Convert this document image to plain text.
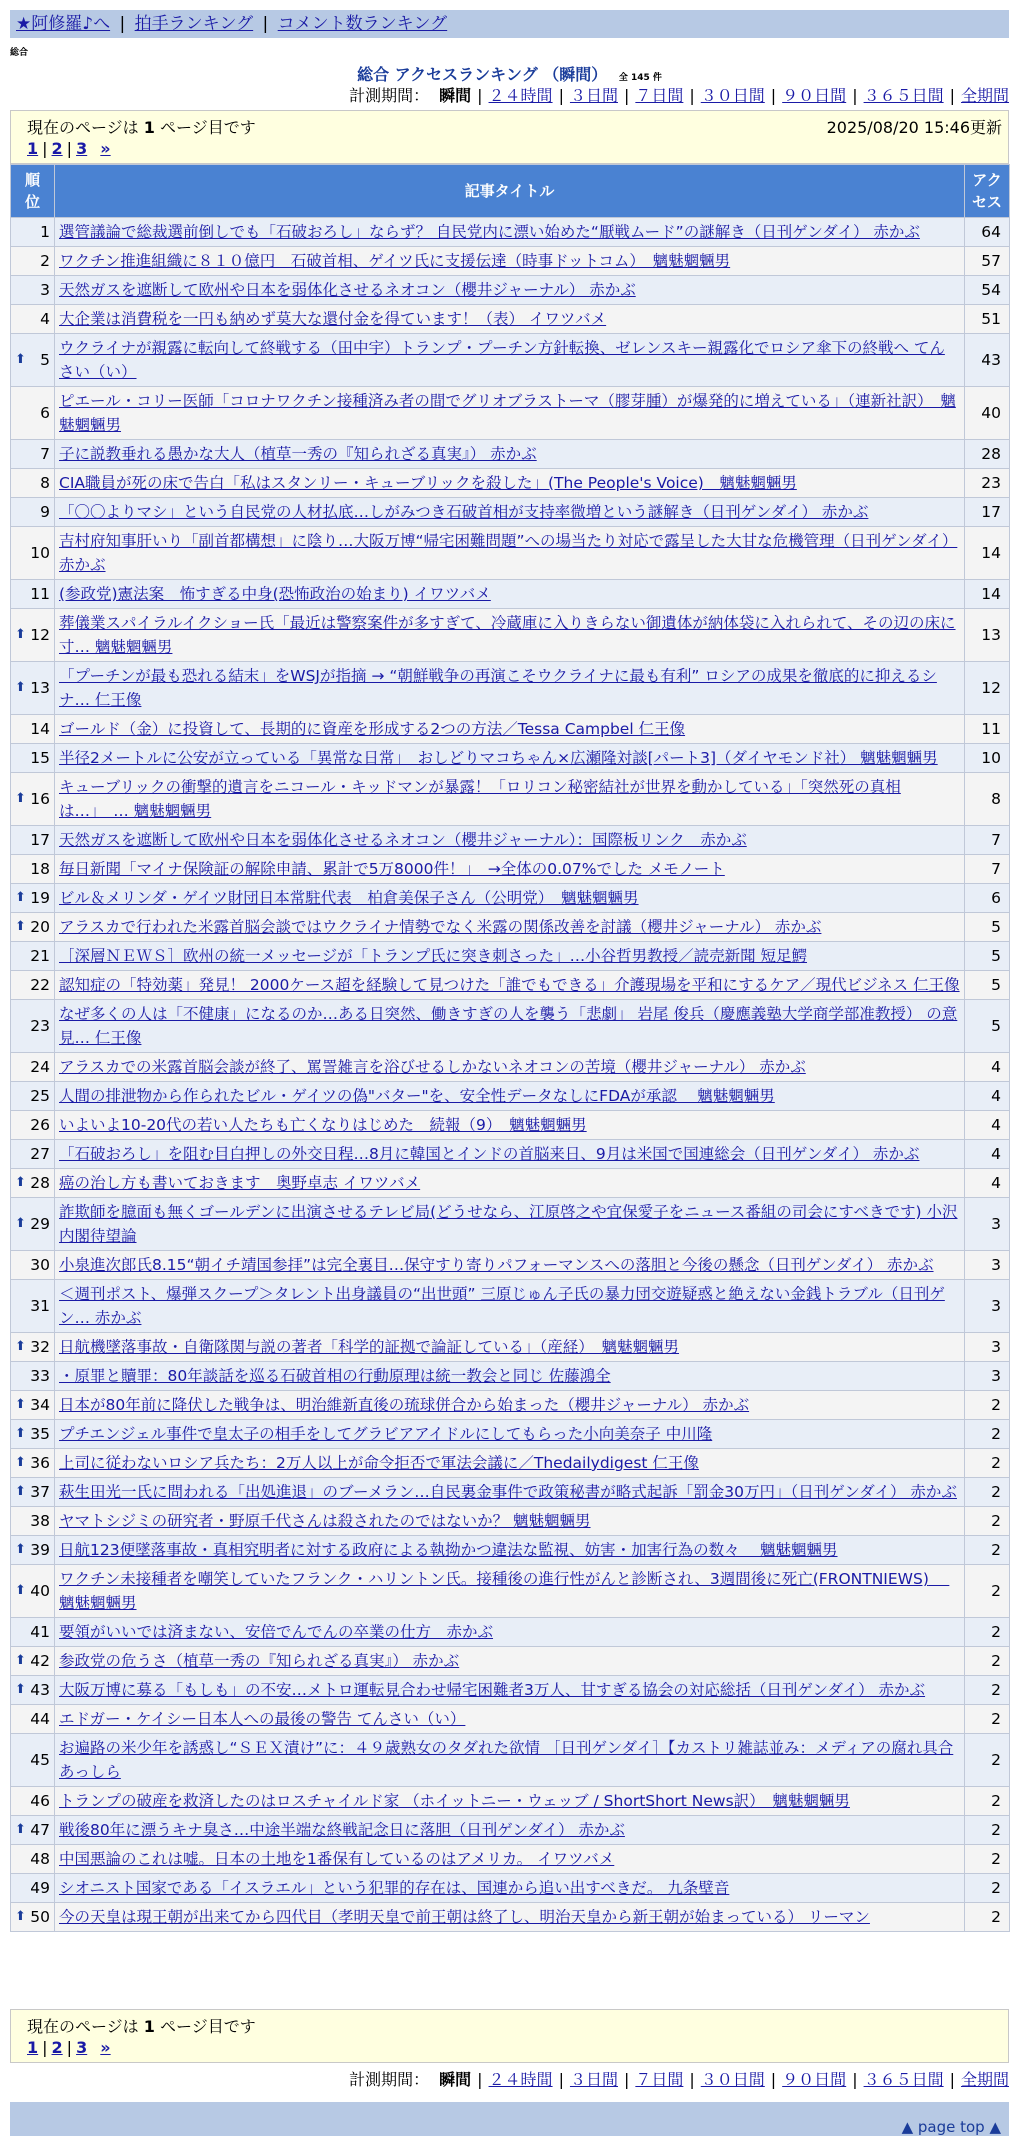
★阿修羅♪へ | 拍手ランキング | コメント数ランキング
総合
総合 アクセスランキング （瞬間） 全 145 件
計測期間： 瞬間 | ２４時間 | ３日間 | ７日間 | ３０日間 | ９０日間 | ３６５日間 | 全期間
現在のページは 1 ページ目です	2025/08/20 15:46更新
1 | 2 | 3 »
順位	記事タイトル	アクセス
1	選管議論で総裁選前倒しでも「石破おろし」ならず？ 自民党内に漂い始めた“厭戦ムード”の謎解き（日刊ゲンダイ） 赤かぶ	64
2	ワクチン推進組織に８１０億円　石破首相、ゲイツ氏に支援伝達（時事ドットコム）　魑魅魍魎男	57
3	天然ガスを遮断して欧州や日本を弱体化させるネオコン（櫻井ジャーナル） 赤かぶ	54
4	大企業は消費税を一円も納めず莫大な還付金を得ています！（表） イワツバメ	51

⬆ 5	ウクライナが親露に転向して終戦する（田中宇）トランプ・プーチン方針転換、ゼレンスキー親露化でロシア傘下の終戦へ てんさい（い）	43
6	ピエール・コリー医師「コロナワクチン接種済み者の間でグリオブラストーマ（膠芽腫）が爆発的に増えている」（連新社訳）　魑魅魍魎男	40
7	子に説教垂れる愚かな大人（植草一秀の『知られざる真実』） 赤かぶ	28
8	CIA職員が死の床で告白「私はスタンリー・キューブリックを殺した」(The People's Voice)　魑魅魍魎男	23
9	「〇〇よりマシ」という自民党の人材払底…しがみつき石破首相が支持率微増という謎解き（日刊ゲンダイ） 赤かぶ	17
10	吉村府知事肝いり「副首都構想」に陰り…大阪万博“帰宅困難問題”への場当たり対応で露呈した大甘な危機管理（日刊ゲンダイ） 赤かぶ	14
11	(参政党)憲法案　怖すぎる中身(恐怖政治の始まり) イワツバメ	14

⬆ 12	葬儀業スパイラルイクショー氏「最近は警察案件が多すぎて、冷蔵庫に入りきらない御遺体が納体袋に入れられて、その辺の床に寸… 魑魅魍魎男	13

⬆ 13	「プーチンが最も恐れる結末」をWSJが指摘 → “朝鮮戦争の再演こそウクライナに最も有利” ロシアの成果を徹底的に抑えるシナ… 仁王像	12
14	ゴールド（金）に投資して、長期的に資産を形成する2つの方法／Tessa Campbel 仁王像	11
15	半径2メートルに公安が立っている「異常な日常」　おしどりマコちゃん×広瀬隆対談[パート3]（ダイヤモンド社） 魑魅魍魎男	10

⬆ 16	キューブリックの衝撃的遺言をニコール・キッドマンが暴露！「ロリコン秘密結社が世界を動かしている」「突然死の真相は…」　… 魑魅魍魎男	8
17	天然ガスを遮断して欧州や日本を弱体化させるネオコン（櫻井ジャーナル）：国際板リンク　赤かぶ	7
18	毎日新聞「マイナ保険証の解除申請、累計で5万8000件！」　→全体の0.07%でした メモノート	7

⬆ 19	ビル＆メリンダ・ゲイツ財団日本常駐代表　柏倉美保子さん（公明党）　魑魅魍魎男	6

⬆ 20	アラスカで行われた米露首脳会談ではウクライナ情勢でなく米露の関係改善を討議（櫻井ジャーナル） 赤かぶ	5
21	［深層ＮＥＷＳ］欧州の統一メッセージが「トランプ氏に突き刺さった」…小谷哲男教授／読売新聞 短足鰐	5
22	認知症の「特効薬」発見！ 2000ケース超を経験して見つけた「誰でもできる」介護現場を平和にするケア／現代ビジネス 仁王像	5
23	なぜ多くの人は「不健康」になるのか…ある日突然、働きすぎの人を襲う「悲劇」 岩尾 俊兵（慶應義塾大学商学部准教授） の意見… 仁王像	5
24	アラスカでの米露首脳会談が終了、罵詈雑言を浴びせるしかないネオコンの苦境（櫻井ジャーナル） 赤かぶ	4
25	人間の排泄物から作られたビル・ゲイツの偽"バター"を、安全性データなしにFDAが承認　 魑魅魍魎男	4
26	いよいよ10-20代の若い人たちも亡くなりはじめた　続報（9）　魑魅魍魎男	4
27	「石破おろし」を阻む目白押しの外交日程…8月に韓国とインドの首脳来日、9月は米国で国連総会（日刊ゲンダイ） 赤かぶ	4

⬆ 28	癌の治し方も書いておきます　奥野卓志 イワツバメ	4

⬆ 29	詐欺師を臆面も無くゴールデンに出演させるテレビ局(どうせなら、江原啓之や宜保愛子をニュース番組の司会にすべきです) 小沢内閣待望論	3
30	小泉進次郎氏8.15“朝イチ靖国参拝”は完全裏目…保守すり寄りパフォーマンスへの落胆と今後の懸念（日刊ゲンダイ） 赤かぶ	3
31	＜週刊ポスト、爆弾スクープ＞タレント出身議員の“出世頭” 三原じゅん子氏の暴力団交遊疑惑と絶えない金銭トラブル（日刊ゲン… 赤かぶ	3

⬆ 32	日航機墜落事故・自衛隊関与説の著者「科学的証拠で論証している」（産経）　魑魅魍魎男	3
33	・原罪と贖罪：80年談話を巡る石破首相の行動原理は統一教会と同じ 佐藤鴻全	3

⬆ 34	日本が80年前に降伏した戦争は、明治維新直後の琉球併合から始まった（櫻井ジャーナル） 赤かぶ	2

⬆ 35	プチエンジェル事件で皇太子の相手をしてグラビアアイドルにしてもらった小向美奈子 中川隆	2

⬆ 36	上司に従わないロシア兵たち：2万人以上が命令拒否で軍法会議に／Thedailydigest 仁王像	2

⬆ 37	萩生田光一氏に問われる「出処進退」のブーメラン…自民裏金事件で政策秘書が略式起訴「罰金30万円」（日刊ゲンダイ） 赤かぶ	2
38	ヤマトシジミの研究者・野原千代さんは殺されたのではないか？ 魑魅魍魎男	2

⬆ 39	日航123便墜落事故・真相究明者に対する政府による執拗かつ違法な監視、妨害・加害行為の数々　 魑魅魍魎男	2

⬆ 40	ワクチン未接種者を嘲笑していたフランク・ハリントン氏。接種後の進行性がんと診断され、3週間後に死亡(FRONTNIEWS)　 魑魅魍魎男	2
41	要領がいいでは済まない、安倍でんでんの卒業の仕方　赤かぶ	2

⬆ 42	参政党の危うさ（植草一秀の『知られざる真実』） 赤かぶ	2

⬆ 43	大阪万博に募る「もしも」の不安…メトロ運転見合わせ帰宅困難者3万人、甘すぎる協会の対応総括（日刊ゲンダイ） 赤かぶ	2
44	エドガー・ケイシー日本人への最後の警告 てんさい（い）	2
45	お遍路の米少年を誘惑し“ＳＥＸ漬け”に：４９歳熟女のタダれた欲情 ［日刊ゲンダイ］【カストリ雑誌並み：メディアの腐れ具合 あっしら	2
46	トランプの破産を救済したのはロスチャイルド家 （ホイットニー・ウェッブ / ShortShort News訳）　魑魅魍魎男	2

⬆ 47	戦後80年に漂うキナ臭さ…中途半端な終戦記念日に落胆（日刊ゲンダイ） 赤かぶ	2
48	中国悪論のこれは嘘。日本の土地を1番保有しているのはアメリカ。 イワツバメ	2
49	シオニスト国家である「イスラエル」という犯罪的存在は、国連から追い出すべきだ。 九条壁音	2

⬆ 50	今の天皇は現王朝が出来てから四代目（孝明天皇で前王朝は終了し、明治天皇から新王朝が始まっている） リーマン	2
現在のページは 1 ページ目です
1 | 2 | 3 »
計測期間： 瞬間 | ２４時間 | ３日間 | ７日間 | ３０日間 | ９０日間 | ３６５日間 | 全期間
▲ page top ▲
